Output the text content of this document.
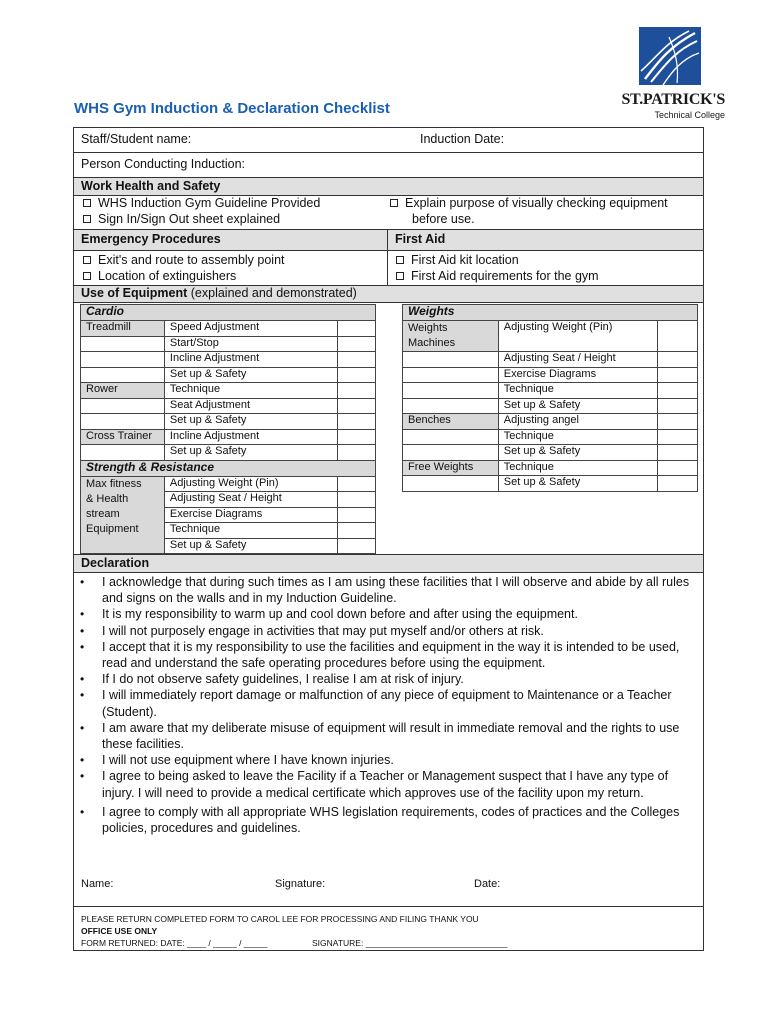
ST.PATRICK'S
Technical College
WHS Gym Induction & Declaration Checklist
Staff/Student name:	Induction Date:
Person Conducting Induction:
Work Health and Safety
WHS Induction Gym Guideline Provided
Sign In/Sign Out sheet explained
Explain purpose of visually checking equipment
before use.
Emergency Procedures	First Aid
Exit's and route to assembly point
Location of extinguishers
First Aid kit location
First Aid requirements for the gym
Use of Equipment (explained and demonstrated)
Cardio		
Treadmill	Speed Adjustment	
	Start/Stop	
	Incline Adjustment	
	Set up & Safety	
Rower	Technique	
	Seat Adjustment	
	Set up & Safety	
Cross Trainer	Incline Adjustment	
	Set up & Safety	
Strength & Resistance		
Max fitness
& Health
stream
Equipment	Adjusting Weight (Pin)	
	Adjusting Seat / Height	
	Exercise Diagrams	
	Technique	
	Set up & Safety	
Weights		
Weights
Machines	Adjusting Weight (Pin)	
	Adjusting Seat / Height	
	Exercise Diagrams	
	Technique	
	Set up & Safety	
Benches	Adjusting angel	
	Technique	
	Set up & Safety	
Free Weights	Technique	
	Set up & Safety	
Declaration
• I acknowledge that during such times as I am using these facilities that I will observe and abide by all rules and signs on the walls and in my Induction Guideline.
• It is my responsibility to warm up and cool down before and after using the equipment.
• I will not purposely engage in activities that may put myself and/or others at risk.
• I accept that it is my responsibility to use the facilities and equipment in the way it is intended to be used, read and understand the safe operating procedures before using the equipment.
• If I do not observe safety guidelines, I realise I am at risk of injury.
• I will immediately report damage or malfunction of any piece of equipment to Maintenance or a Teacher (Student).
• I am aware that my deliberate misuse of equipment will result in immediate removal and the rights to use these facilities.
• I will not use equipment where I have known injuries.
• I agree to being asked to leave the Facility if a Teacher or Management suspect that I have any type of injury. I will need to provide a medical certificate which approves use of the facility upon my return.
• I agree to comply with all appropriate WHS legislation requirements, codes of practices and the Colleges policies, procedures and guidelines.
Name:	Signature:	Date:
PLEASE RETURN COMPLETED FORM TO CAROL LEE FOR PROCESSING AND FILING THANK YOU
OFFICE USE ONLY
FORM RETURNED: DATE: ____ / _____ / _____	SIGNATURE: ______________________________
